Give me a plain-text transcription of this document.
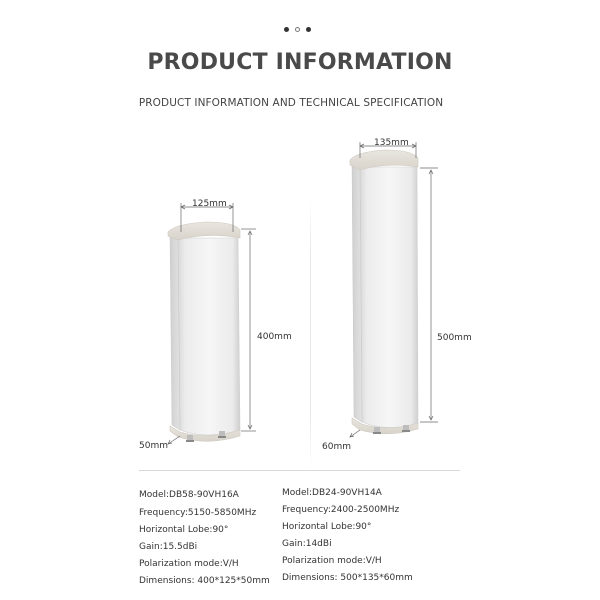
PRODUCT INFORMATION
PRODUCT INFORMATION AND TECHNICAL SPECIFICATION
125mm
400mm
50mm
135mm
500mm
60mm
Model:DB58-90VH16A
Frequency:5150-5850MHz
Horizontal Lobe:90°
Gain:15.5dBi
Polarization mode:V/H
Dimensions: 400*125*50mm
Model:DB24-90VH14A
Frequency:2400-2500MHz
Horizontal Lobe:90°
Gain:14dBi
Polarization mode:V/H
Dimensions: 500*135*60mm
